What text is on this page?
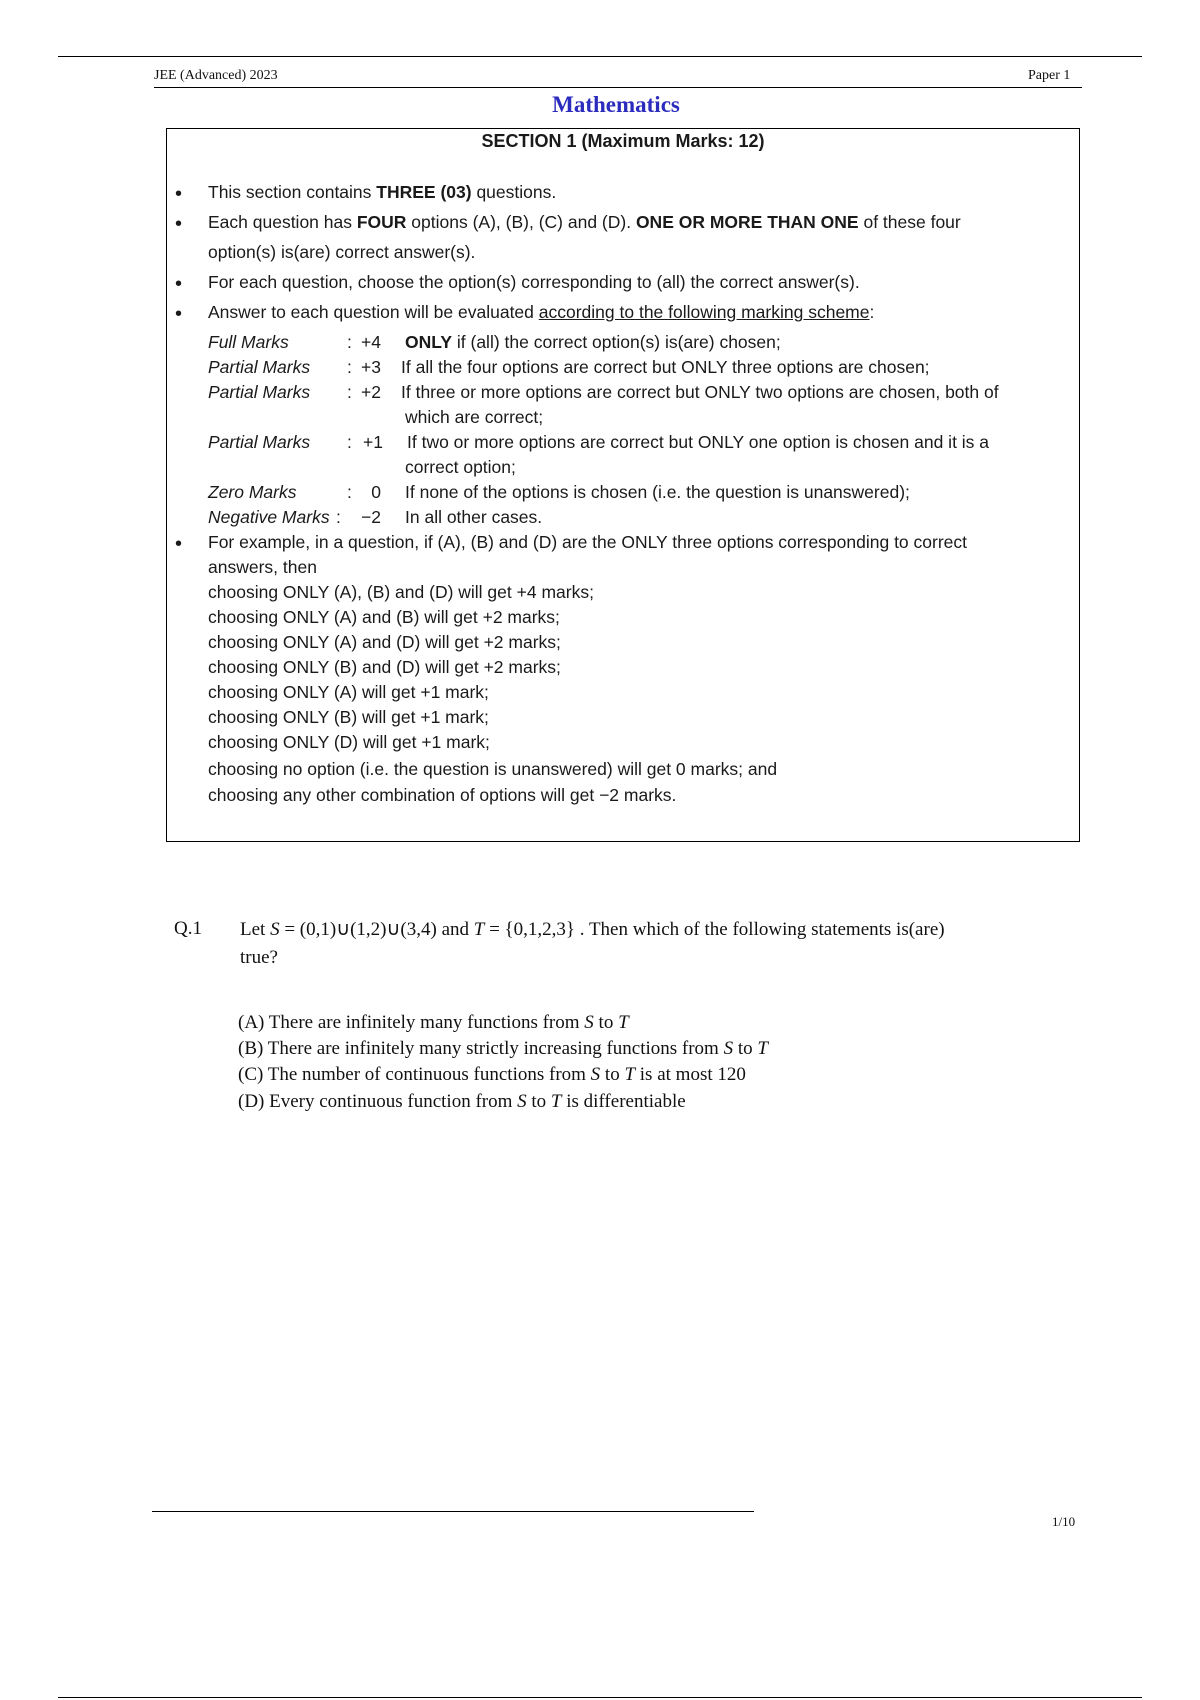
JEE (Advanced) 2023	Paper 1
Mathematics
SECTION 1 (Maximum Marks: 12)
• This section contains THREE (03) questions.
• Each question has FOUR options (A), (B), (C) and (D). ONE OR MORE THAN ONE of these four
option(s) is(are) correct answer(s).
• For each question, choose the option(s) corresponding to (all) the correct answer(s).
• Answer to each question will be evaluated according to the following marking scheme:
Full Marks	: +4 ONLY if (all) the correct option(s) is(are) chosen;
Partial Marks : +3 If all the four options are correct but ONLY three options are chosen;
Partial Marks : +2 If three or more options are correct but ONLY two options are chosen, both of
which are correct;
Partial Marks : +1 If two or more options are correct but ONLY one option is chosen and it is a
correct option;
Zero Marks	:	0 If none of the options is chosen (i.e. the question is unanswered);
Negative Marks :	−2 In all other cases.
• For example, in a question, if (A), (B) and (D) are the ONLY three options corresponding to correct
answers, then
choosing ONLY (A), (B) and (D) will get +4 marks;
choosing ONLY (A) and (B) will get +2 marks;
choosing ONLY (A) and (D) will get +2 marks;
choosing ONLY (B) and (D) will get +2 marks;
choosing ONLY (A) will get +1 mark;
choosing ONLY (B) will get +1 mark;
choosing ONLY (D) will get +1 mark;
choosing no option (i.e. the question is unanswered) will get 0 marks; and
choosing any other combination of options will get −2 marks.
Q.1 Let S = (0,1)∪(1,2)∪(3,4) and T = {0,1,2,3} . Then which of the following statements is(are)
true?
(A) There are infinitely many functions from S to T
(B) There are infinitely many strictly increasing functions from S to T
(C) The number of continuous functions from S to T is at most 120
(D) Every continuous function from S to T is differentiable
1/10
